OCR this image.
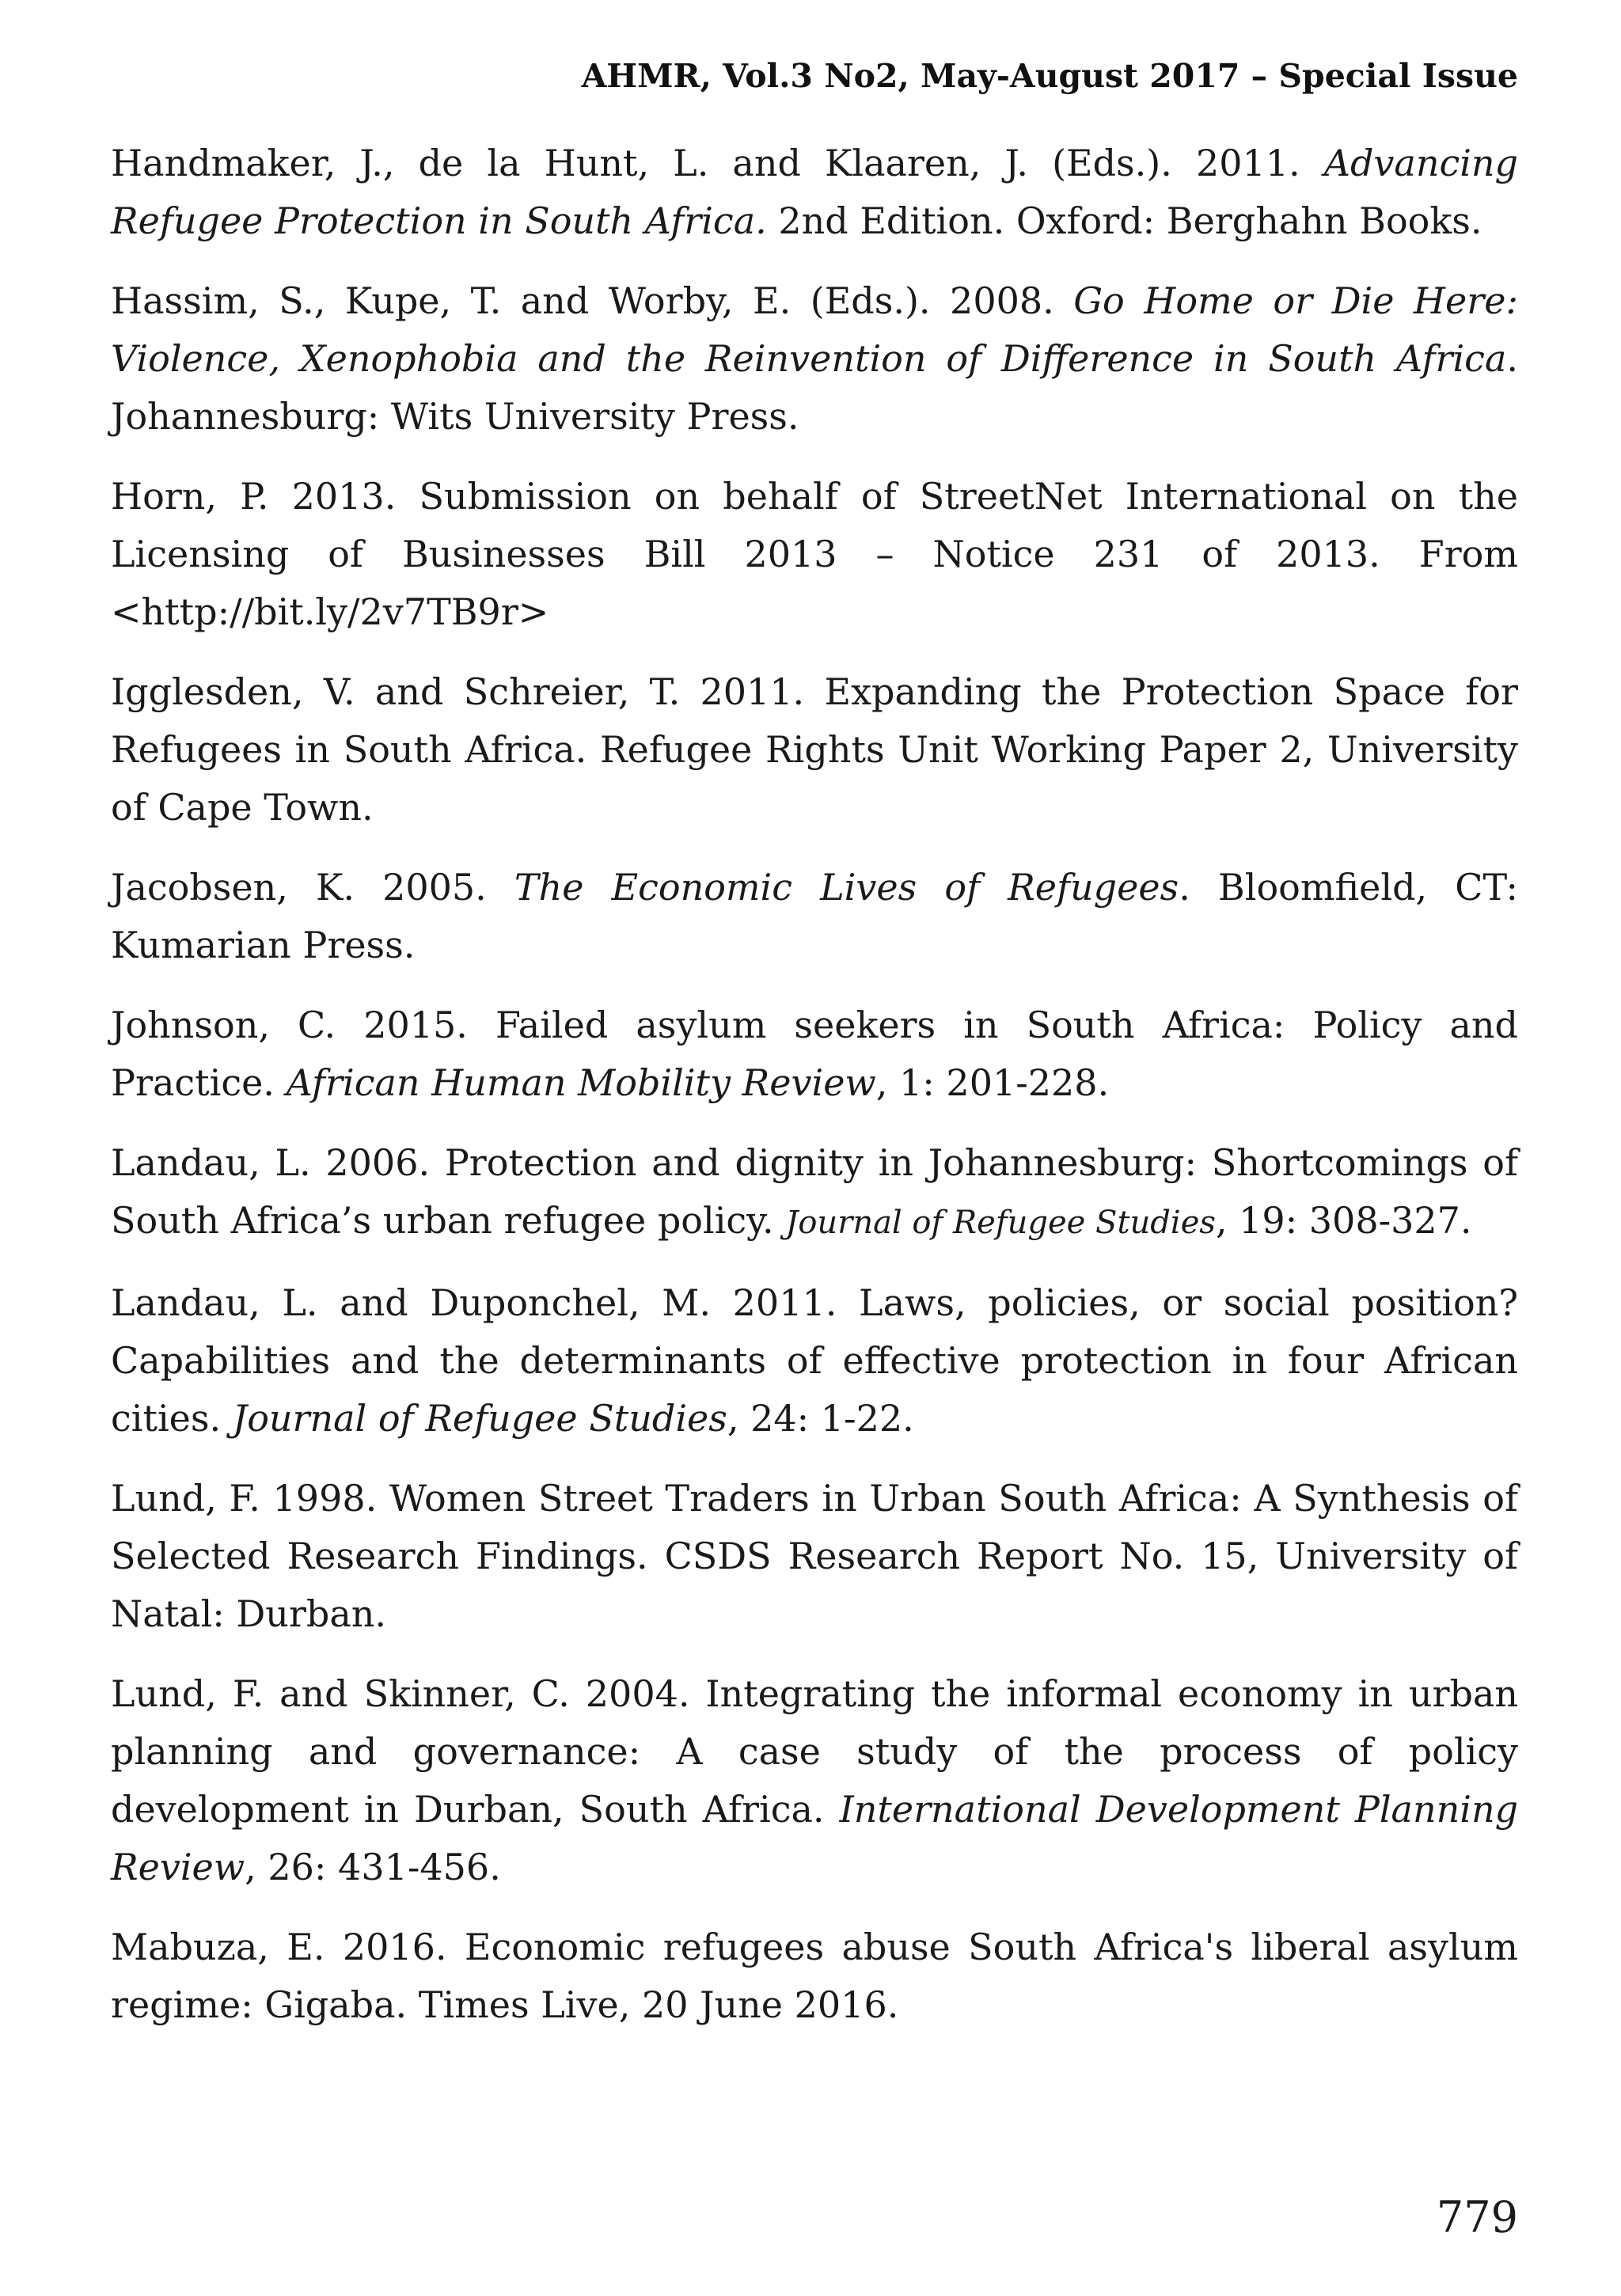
AHMR, Vol.3 No2, May-August 2017 – Special Issue

Handmaker, J., de la Hunt, L. and Klaaren, J. (Eds.). 2011. Advancing Refugee Protection in South Africa. 2nd Edition. Oxford: Berghahn Books.

Hassim, S., Kupe, T. and Worby, E. (Eds.). 2008. Go Home or Die Here: Violence, Xenophobia and the Reinvention of Difference in South Africa. Johannesburg: Wits University Press.

Horn, P. 2013. Submission on behalf of StreetNet International on the Licensing of Businesses Bill 2013 – Notice 231 of 2013. From <http://bit.ly/2v7TB9r>

Igglesden, V. and Schreier, T. 2011. Expanding the Protection Space for Refugees in South Africa. Refugee Rights Unit Working Paper 2, University of Cape Town.

Jacobsen, K. 2005. The Economic Lives of Refugees. Bloomfield, CT: Kumarian Press.

Johnson, C. 2015. Failed asylum seekers in South Africa: Policy and Practice. African Human Mobility Review, 1: 201-228.

Landau, L. 2006. Protection and dignity in Johannesburg: Shortcomings of South Africa’s urban refugee policy. Journal of Refugee Studies, 19: 308-327.

Landau, L. and Duponchel, M. 2011. Laws, policies, or social position? Capabilities and the determinants of effective protection in four African cities. Journal of Refugee Studies, 24: 1-22.

Lund, F. 1998. Women Street Traders in Urban South Africa: A Synthesis of Selected Research Findings. CSDS Research Report No. 15, University of Natal: Durban.

Lund, F. and Skinner, C. 2004. Integrating the informal economy in urban planning and governance: A case study of the process of policy development in Durban, South Africa. International Development Planning Review, 26: 431-456.

Mabuza, E. 2016. Economic refugees abuse South Africa's liberal asylum regime: Gigaba. Times Live, 20 June 2016.

779
